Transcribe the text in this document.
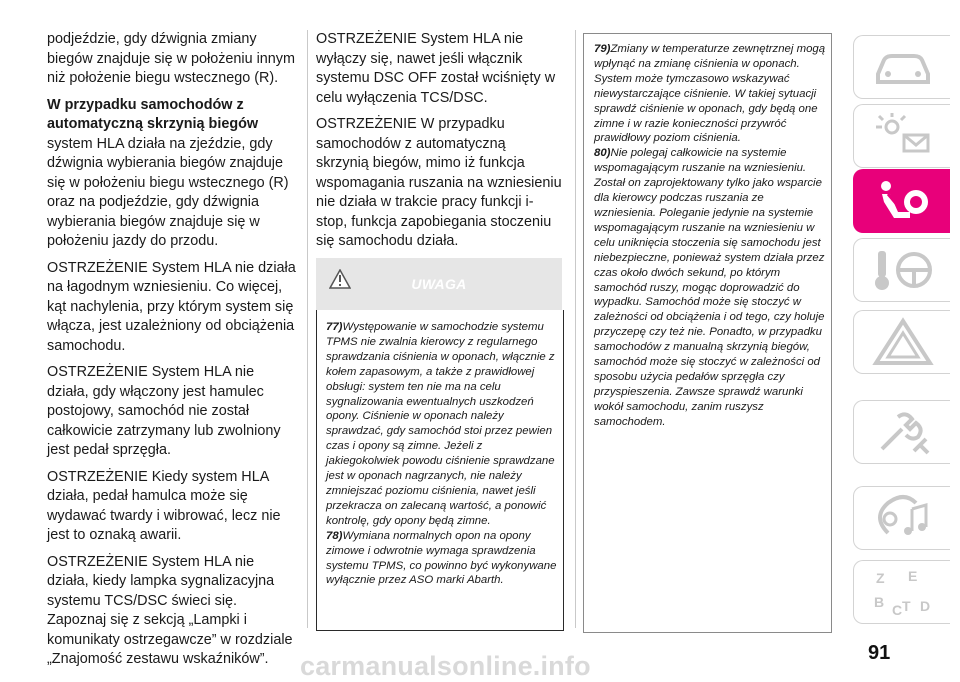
podjeździe, gdy dźwignia zmiany biegów znajduje się w położeniu innym niż położenie biegu wstecznego (R).

W przypadku samochodów z automatyczną skrzynią biegów

system HLA działa na zjeździe, gdy dźwignia wybierania biegów znajduje się w położeniu biegu wstecznego (R) oraz na podjeździe, gdy dźwignia wybierania biegów znajduje się w położeniu jazdy do przodu.

OSTRZEŻENIE System HLA nie działa na łagodnym wzniesieniu. Co więcej, kąt nachylenia, przy którym system się włącza, jest uzależniony od obciążenia samochodu.

OSTRZEŻENIE System HLA nie działa, gdy włączony jest hamulec postojowy, samochód nie został całkowicie zatrzymany lub zwolniony jest pedał sprzęgła.

OSTRZEŻENIE Kiedy system HLA działa, pedał hamulca może się wydawać twardy i wibrować, lecz nie jest to oznaką awarii.

OSTRZEŻENIE System HLA nie działa, kiedy lampka sygnalizacyjna systemu TCS/DSC świeci się. Zapoznaj się z sekcją „Lampki i komunikaty ostrzegawcze” w rozdziale „Znajomość zestawu wskaźników”.

OSTRZEŻENIE System HLA nie wyłączy się, nawet jeśli włącznik systemu DSC OFF został wciśnięty w celu wyłączenia TCS/DSC.

OSTRZEŻENIE W przypadku samochodów z automatyczną skrzynią biegów, mimo iż funkcja wspomagania ruszania na wzniesieniu nie działa w trakcie pracy funkcji i-stop, funkcja zapobiegania stoczeniu się samochodu działa.

UWAGA

77)Występowanie w samochodzie systemu TPMS nie zwalnia kierowcy z regularnego sprawdzania ciśnienia w oponach, włącznie z kołem zapasowym, a także z prawidłowej obsługi: system ten nie ma na celu sygnalizowania ewentualnych uszkodzeń opony. Ciśnienie w oponach należy sprawdzać, gdy samochód stoi przez pewien czas i opony są zimne. Jeżeli z jakiegokolwiek powodu ciśnienie sprawdzane jest w oponach nagrzanych, nie należy zmniejszać poziomu ciśnienia, nawet jeśli przekracza on zalecaną wartość, a ponowić kontrolę, gdy opony będą zimne.

78)Wymiana normalnych opon na opony zimowe i odwrotnie wymaga sprawdzenia systemu TPMS, co powinno być wykonywane wyłącznie przez ASO marki Abarth.

79)Zmiany w temperaturze zewnętrznej mogą wpłynąć na zmianę ciśnienia w oponach. System może tymczasowo wskazywać niewystarczające ciśnienie. W takiej sytuacji sprawdź ciśnienie w oponach, gdy będą one zimne i w razie konieczności przywróć prawidłowy poziom ciśnienia.

80)Nie polegaj całkowicie na systemie wspomagającym ruszanie na wzniesieniu. Został on zaprojektowany tylko jako wsparcie dla kierowcy podczas ruszania ze wzniesienia. Poleganie jedynie na systemie wspomagającym ruszanie na wzniesieniu w celu uniknięcia stoczenia się samochodu jest niebezpieczne, ponieważ system działa przez czas około dwóch sekund, po którym samochód ruszy, mogąc doprowadzić do wypadku. Samochód może się stoczyć w zależności od obciążenia i od tego, czy holuje przyczepę czy też nie. Ponadto, w przypadku samochodów z manualną skrzynią biegów, samochód może się stoczyć w zależności od sposobu użycia pedałów sprzęgła czy przyspieszenia. Zawsze sprawdź warunki wokół samochodu, zanim ruszysz samochodem.

Z E
B C T D
91
carmanualsonline.info
